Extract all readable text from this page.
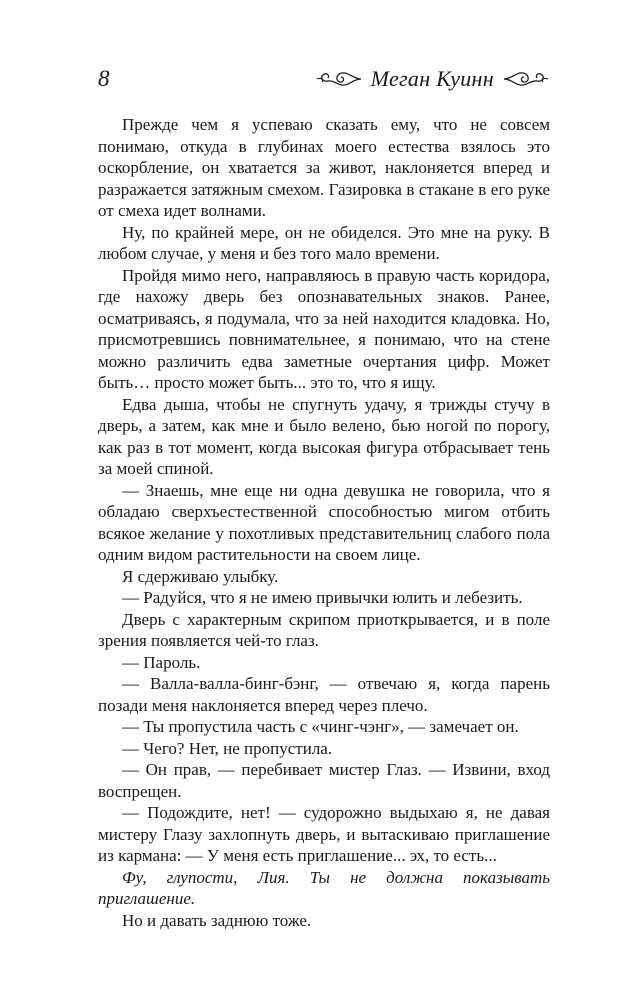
8	Меган Куинн

Прежде чем я успеваю сказать ему, что не совсем понимаю, откуда в глубинах моего естества взялось это оскорбление, он хватается за живот, наклоняется вперед и разражается затяжным смехом. Газировка в стакане в его руке от смеха идет волнами.

Ну, по крайней мере, он не обиделся. Это мне на руку. В любом случае, у меня и без того мало времени.

Пройдя мимо него, направляюсь в правую часть коридора, где нахожу дверь без опознавательных знаков. Ранее, осматриваясь, я подумала, что за ней находится кладовка. Но, присмотревшись повнимательнее, я понимаю, что на стене можно различить едва заметные очертания цифр. Может быть… просто может быть... это то, что я ищу.

Едва дыша, чтобы не спугнуть удачу, я трижды стучу в дверь, а затем, как мне и было велено, бью ногой по порогу, как раз в тот момент, когда высокая фигура отбрасывает тень за моей спиной.

— Знаешь, мне еще ни одна девушка не говорила, что я обладаю сверхъестественной способностью мигом отбить всякое желание у похотливых представительниц слабого пола одним видом растительности на своем лице.

Я сдерживаю улыбку.

— Радуйся, что я не имею привычки юлить и лебезить.

Дверь с характерным скрипом приоткрывается, и в поле зрения появляется чей-то глаз.

— Пароль.

— Валла-валла-бинг-бэнг, — отвечаю я, когда парень позади меня наклоняется вперед через плечо.

— Ты пропустила часть с «чинг-чэнг», — замечает он.

— Чего? Нет, не пропустила.

— Он прав, — перебивает мистер Глаз. — Извини, вход воспрещен.

— Подождите, нет! — судорожно выдыхаю я, не давая мистеру Глазу захлопнуть дверь, и вытаскиваю приглашение из кармана: — У меня есть приглашение... эх, то есть...

Фу, глупости, Лия. Ты не должна показывать приглашение.

Но и давать заднюю тоже.
